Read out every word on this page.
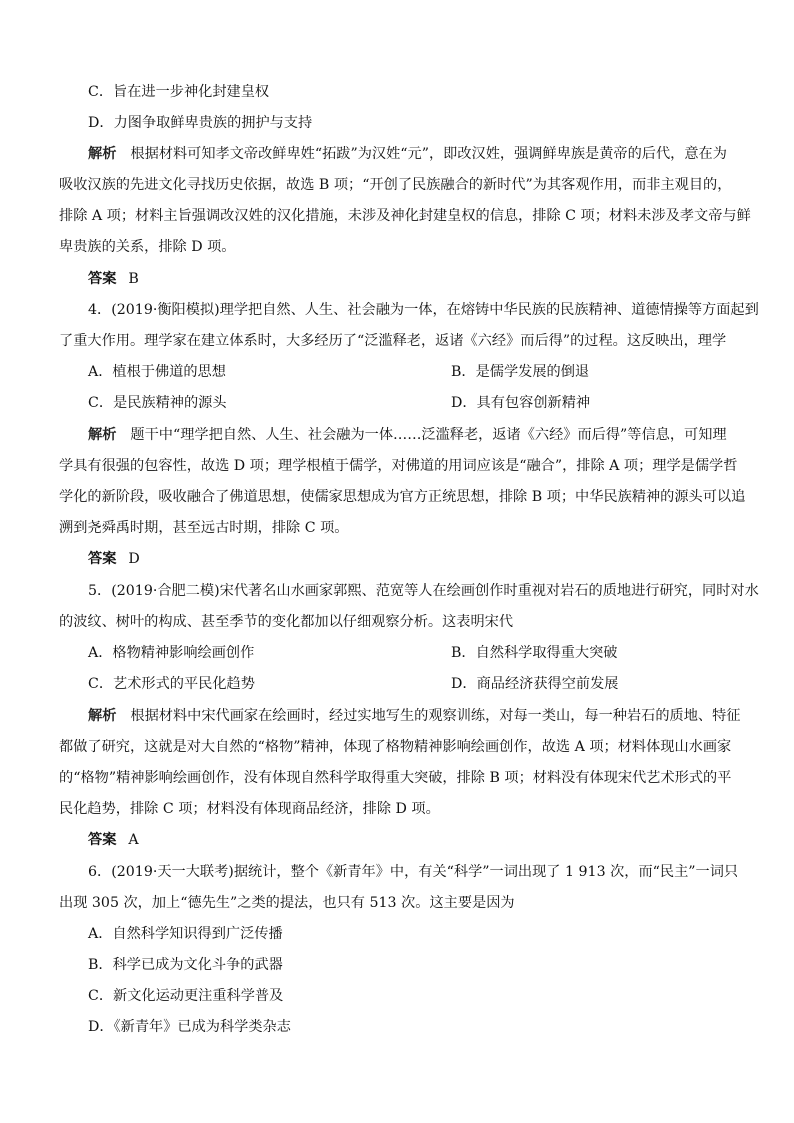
C．旨在进一步神化封建皇权
D．力图争取鲜卑贵族的拥护与支持
解析 根据材料可知孝文帝改鲜卑姓“拓跋”为汉姓“元”，即改汉姓，强调鲜卑族是黄帝的后代，意在为
吸收汉族的先进文化寻找历史依据，故选 B 项；“开创了民族融合的新时代”为其客观作用，而非主观目的，
排除 A 项；材料主旨强调改汉姓的汉化措施，未涉及神化封建皇权的信息，排除 C 项；材料未涉及孝文帝与鲜
卑贵族的关系，排除 D 项。
答案 B
4．(2019·衡阳模拟)理学把自然、人生、社会融为一体，在熔铸中华民族的民族精神、道德情操等方面起到
了重大作用。理学家在建立体系时，大多经历了“泛滥释老，返诸《六经》而后得”的过程。这反映出，理学
A．植根于佛道的思想	B．是儒学发展的倒退
C．是民族精神的源头	D．具有包容创新精神
解析 题干中“理学把自然、人生、社会融为一体……泛滥释老，返诸《六经》而后得”等信息，可知理
学具有很强的包容性，故选 D 项；理学根植于儒学，对佛道的用词应该是“融合”，排除 A 项；理学是儒学哲
学化的新阶段，吸收融合了佛道思想，使儒家思想成为官方正统思想，排除 B 项；中华民族精神的源头可以追
溯到尧舜禹时期，甚至远古时期，排除 C 项。
答案 D
5．(2019·合肥二模)宋代著名山水画家郭熙、范宽等人在绘画创作时重视对岩石的质地进行研究，同时对水
的波纹、树叶的构成、甚至季节的变化都加以仔细观察分析。这表明宋代
A．格物精神影响绘画创作	B．自然科学取得重大突破
C．艺术形式的平民化趋势	D．商品经济获得空前发展
解析 根据材料中宋代画家在绘画时，经过实地写生的观察训练，对每一类山，每一种岩石的质地、特征
都做了研究，这就是对大自然的“格物”精神，体现了格物精神影响绘画创作，故选 A 项；材料体现山水画家
的“格物”精神影响绘画创作，没有体现自然科学取得重大突破，排除 B 项；材料没有体现宋代艺术形式的平
民化趋势，排除 C 项；材料没有体现商品经济，排除 D 项。
答案 A
6．(2019·天一大联考)据统计，整个《新青年》中，有关“科学”一词出现了 1 913 次，而“民主”一词只
出现 305 次，加上“德先生”之类的提法，也只有 513 次。这主要是因为
A．自然科学知识得到广泛传播
B．科学已成为文化斗争的武器
C．新文化运动更注重科学普及
D．《新青年》已成为科学类杂志
